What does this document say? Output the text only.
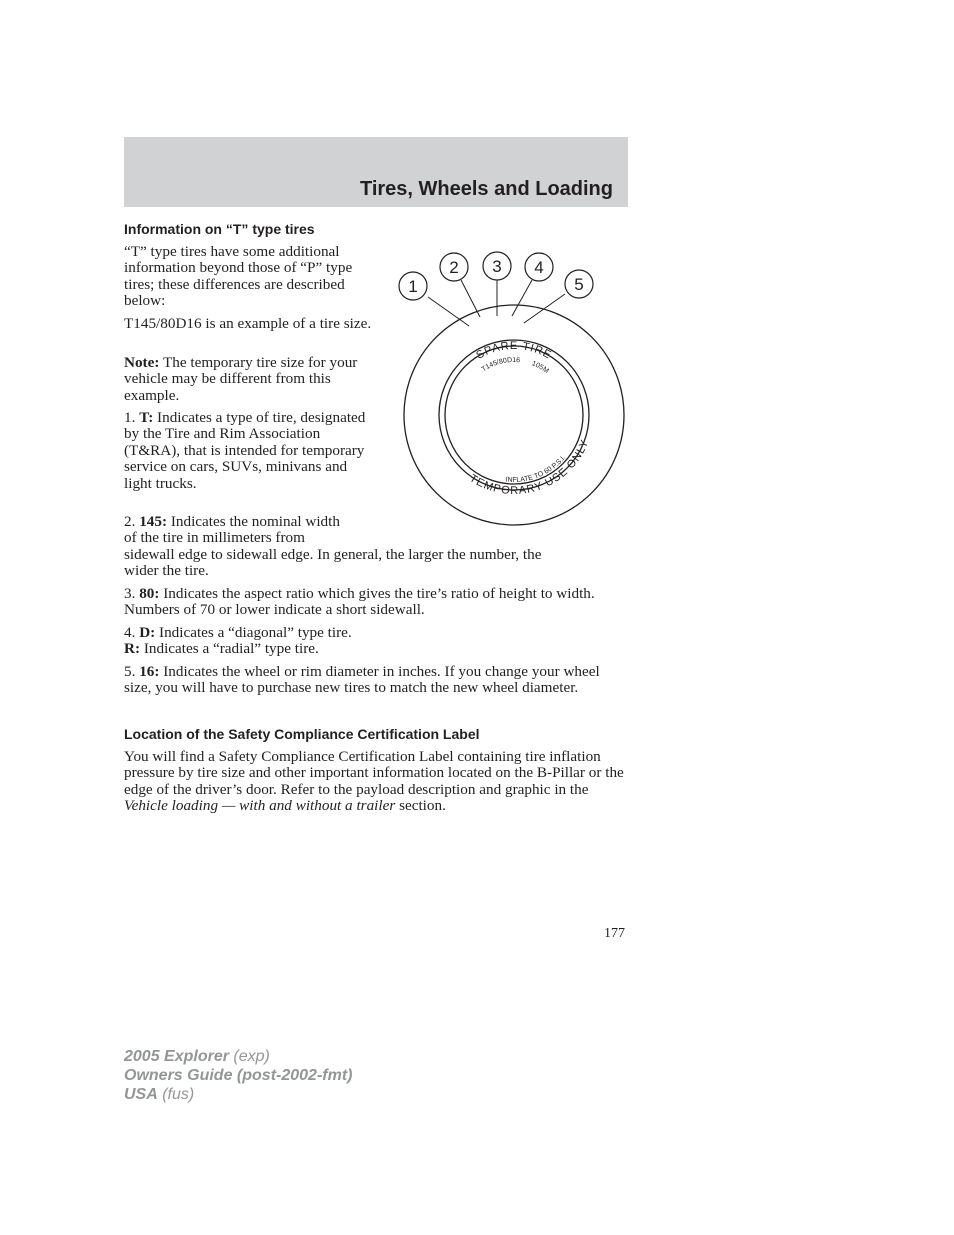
Tires, Wheels and Loading
Information on “T” type tires
“T” type tires have some additional information beyond those of “P” type tires; these differences are described below:
T145/80D16 is an example of a tire size.
Note: The temporary tire size for your vehicle may be different from this example.
1. T: Indicates a type of tire, designated by the Tire and Rim Association (T&RA), that is intended for temporary service on cars, SUVs, minivans and light trucks.
2. 145: Indicates the nominal width
of the tire in millimeters from
sidewall edge to sidewall edge. In general, the larger the number, the
wider the tire.
3. 80: Indicates the aspect ratio which gives the tire’s ratio of height to width. Numbers of 70 or lower indicate a short sidewall.
4. D: Indicates a “diagonal” type tire.
R: Indicates a “radial” type tire.
5. 16: Indicates the wheel or rim diameter in inches. If you change your wheel size, you will have to purchase new tires to match the new wheel diameter.
Location of the Safety Compliance Certification Label
You will find a Safety Compliance Certification Label containing tire inflation pressure by tire size and other important information located on the B-Pillar or the edge of the driver’s door. Refer to the payload description and graphic in the Vehicle loading — with and without a trailer section.
SPARE TIRE
T145/80D16 105M
TEMPORARY USE ONLY
INFLATE TO 60 P.S.I.
1
2 3 4
5
177
2005 Explorer (exp)
Owners Guide (post-2002-fmt)
USA (fus)
